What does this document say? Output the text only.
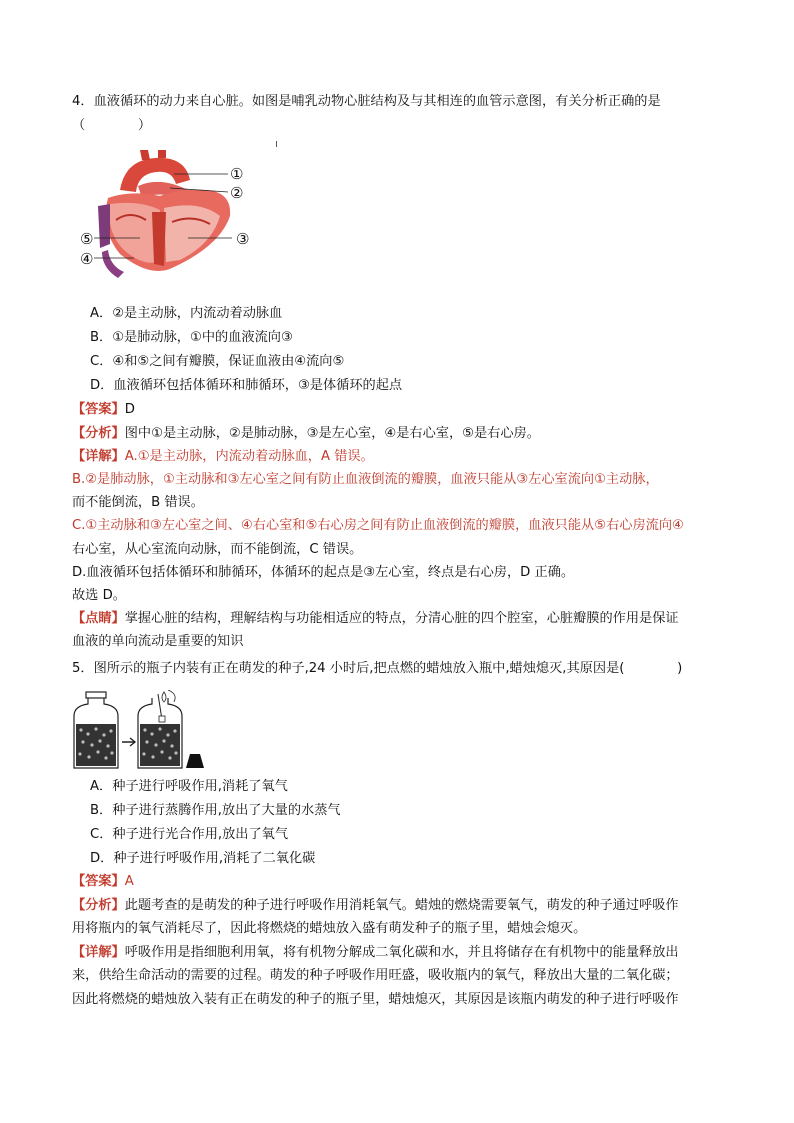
4．血液循环的动力来自心脏。如图是哺乳动物心脏结构及与其相连的血管示意图，有关分析正确的是
（　　　　）
①
②
③
④
⑤
A．②是主动脉，内流动着动脉血
B．①是肺动脉，①中的血液流向③
C．④和⑤之间有瓣膜，保证血液由④流向⑤
D．血液循环包括体循环和肺循环，③是体循环的起点
【答案】D
【分析】图中①是主动脉，②是肺动脉，③是左心室，④是右心室，⑤是右心房。
【详解】A.①是主动脉，内流动着动脉血，A 错误。
B.②是肺动脉，①主动脉和③左心室之间有防止血液倒流的瓣膜，血液只能从③左心室流向①主动脉，
而不能倒流，B 错误。
C.①主动脉和③左心室之间、④右心室和⑤右心房之间有防止血液倒流的瓣膜，血液只能从⑤右心房流向④
右心室，从心室流向动脉，而不能倒流，C 错误。
D.血液循环包括体循环和肺循环，体循环的起点是③左心室，终点是右心房，D 正确。
故选 D。
【点睛】掌握心脏的结构，理解结构与功能相适应的特点，分清心脏的四个腔室，心脏瓣膜的作用是保证
血液的单向流动是重要的知识
5．图所示的瓶子内装有正在萌发的种子,24 小时后,把点燃的蜡烛放入瓶中,蜡烛熄灭,其原因是(　　　　)
A．种子进行呼吸作用,消耗了氧气
B．种子进行蒸腾作用,放出了大量的水蒸气
C．种子进行光合作用,放出了氧气
D．种子进行呼吸作用,消耗了二氧化碳
【答案】A
【分析】此题考查的是萌发的种子进行呼吸作用消耗氧气。蜡烛的燃烧需要氧气，萌发的种子通过呼吸作
用将瓶内的氧气消耗尽了，因此将燃烧的蜡烛放入盛有萌发种子的瓶子里，蜡烛会熄灭。
【详解】呼吸作用是指细胞利用氧，将有机物分解成二氧化碳和水，并且将储存在有机物中的能量释放出
来，供给生命活动的需要的过程。萌发的种子呼吸作用旺盛，吸收瓶内的氧气，释放出大量的二氧化碳；
因此将燃烧的蜡烛放入装有正在萌发的种子的瓶子里，蜡烛熄灭，其原因是该瓶内萌发的种子进行呼吸作
